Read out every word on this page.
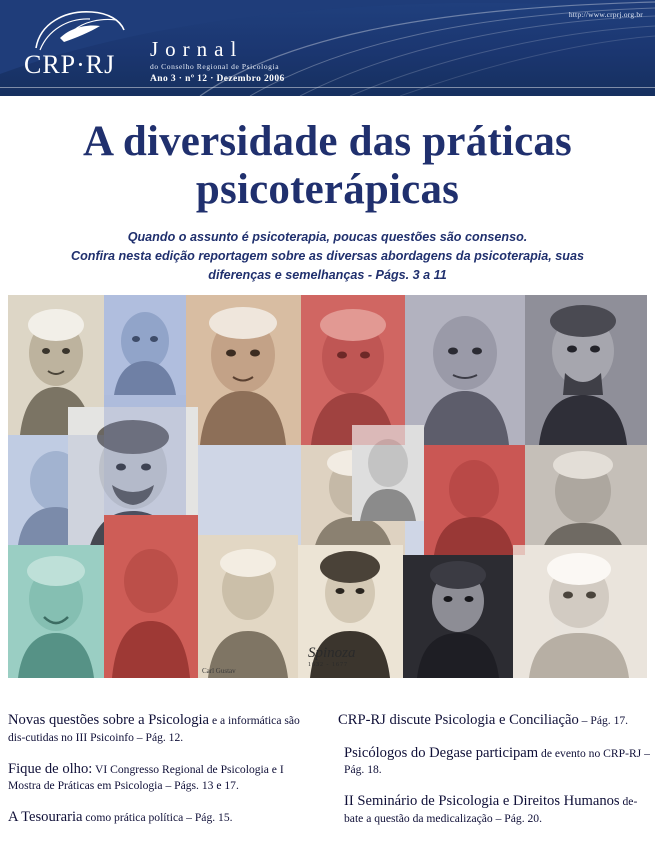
http://www.crprj.org.br
CRP·RJ
Jornal
do Conselho Regional de Psicologia
Ano 3 · nº 12 · Dezembro 2006
A diversidade das práticas
psicoterápicas
Quando o assunto é psicoterapia, poucas questões são consenso.
Confira nesta edição reportagem sobre as diversas abordagens da psicoterapia, suas
diferenças e semelhanças - Págs. 3 a 11
Carl Gustav
Spinoza
1632 - 1677
Novas questões sobre a Psicologia e a informática são dis-cutidas no III Psicoinfo – Pág. 12.
Fique de olho: VI Congresso Regional de Psicologia e I Mostra de Práticas em Psicologia – Págs. 13 e 17.
A Tesouraria como prática política – Pág. 15.
CRP-RJ discute Psicologia e Conciliação – Pág. 17.
Psicólogos do Degase participam de evento no CRP-RJ – Pág. 18.
II Seminário de Psicologia e Direitos Humanos de-bate a questão da medicalização – Pág. 20.
